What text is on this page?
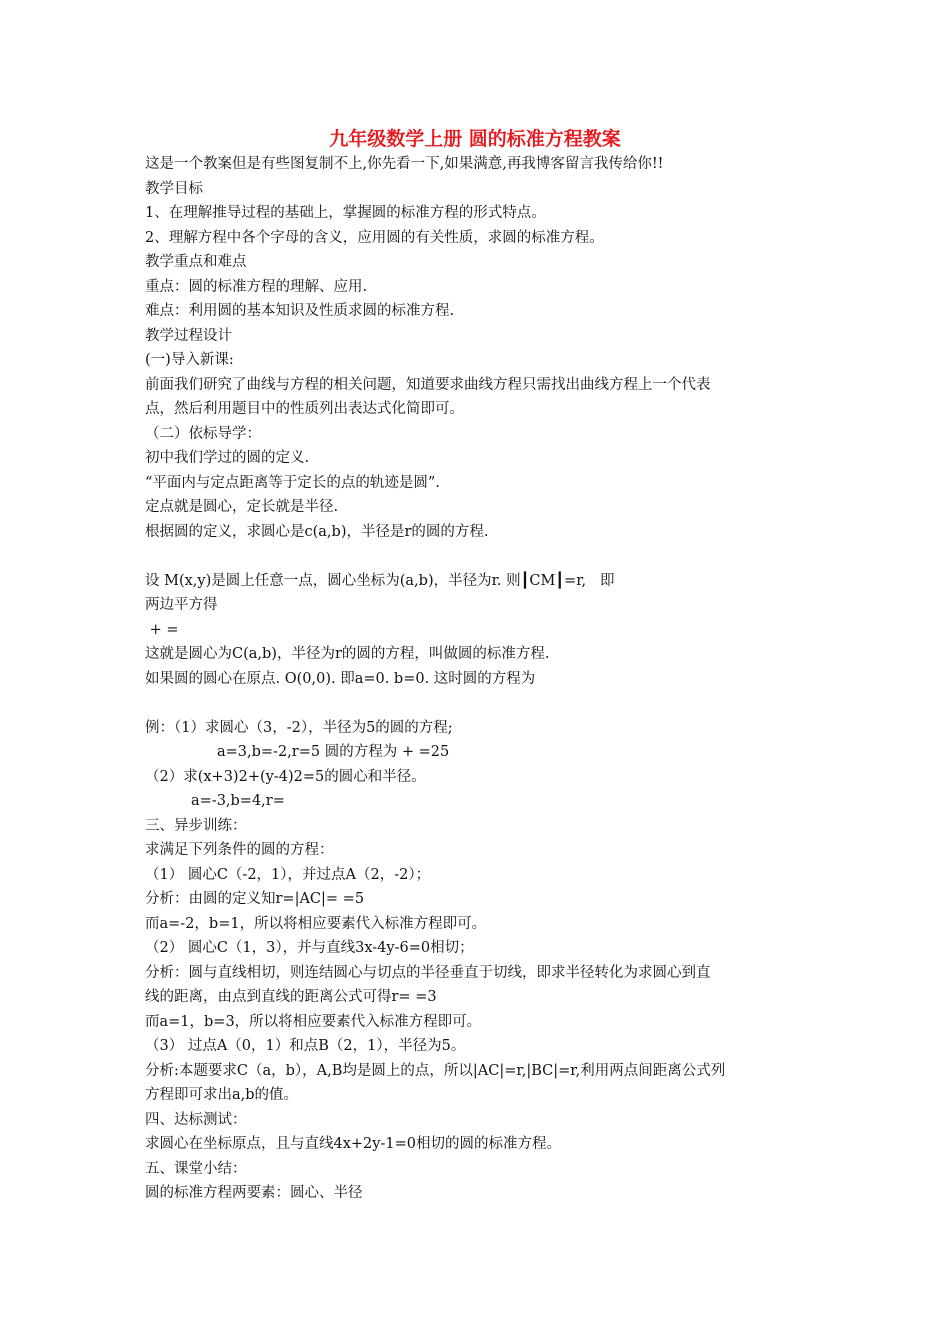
九年级数学上册 圆的标准方程教案

这是一个教案但是有些图复制不上,你先看一下,如果满意,再我博客留言我传给你!!

教学目标

1、在理解推导过程的基础上，掌握圆的标准方程的形式特点。

2、理解方程中各个字母的含义，应用圆的有关性质，求圆的标准方程。

教学重点和难点

重点：圆的标准方程的理解、应用.

难点：利用圆的基本知识及性质求圆的标准方程.

教学过程设计

(一)导入新课:

前面我们研究了曲线与方程的相关问题，知道要求曲线方程只需找出曲线方程上一个代表

点，然后利用题目中的性质列出表达式化简即可。

（二）依标导学：

初中我们学过的圆的定义.

“平面内与定点距离等于定长的点的轨迹是圆”.

定点就是圆心，定长就是半径.

根据圆的定义，求圆心是c(a,b)，半径是r的圆的方程.

设 M(x,y)是圆上任意一点，圆心坐标为(a,b)，半径为r. 则┃CM┃=r,   即

两边平方得

+ =

这就是圆心为C(a,b)，半径为r的圆的方程，叫做圆的标准方程.

如果圆的圆心在原点. O(0,0). 即a=0. b=0. 这时圆的方程为

例：（1）求圆心（3，-2），半径为5的圆的方程;

a=3,b=-2,r=5 圆的方程为 + =25

（2）求(x+3)2+(y-4)2=5的圆心和半径。

a=-3,b=4,r=

三、异步训练：

求满足下列条件的圆的方程：

（1） 圆心C（-2，1），并过点A（2，-2）；

分析：由圆的定义知r=|AC|= =5

而a=-2，b=1，所以将相应要素代入标准方程即可。

（2） 圆心C（1，3），并与直线3x-4y-6=0相切；

分析：圆与直线相切，则连结圆心与切点的半径垂直于切线，即求半径转化为求圆心到直

线的距离，由点到直线的距离公式可得r= =3

而a=1，b=3，所以将相应要素代入标准方程即可。

（3） 过点A（0，1）和点B（2，1），半径为5。

分析:本题要求C（a，b），A,B均是圆上的点，所以|AC|=r,|BC|=r,利用两点间距离公式列

方程即可求出a,b的值。

四、达标测试：

求圆心在坐标原点，且与直线4x+2y-1=0相切的圆的标准方程。

五、课堂小结：

圆的标准方程两要素：圆心、半径
